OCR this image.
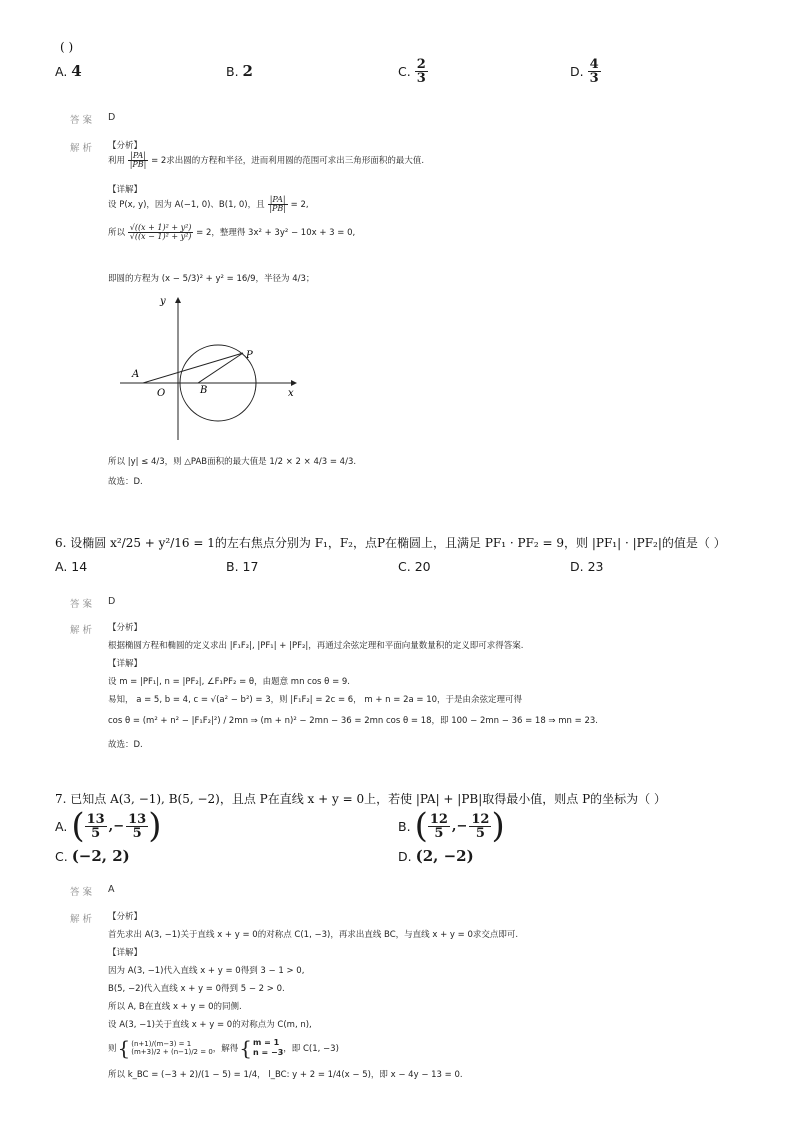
( )
A. 4	B. 2	C. $\frac{2}{3}$	D. $\frac{4}{3}$
答案 D
解析 【分析】
利用 $\frac{|PA|}{|PB|} = 2$求出圆的方程和半径，进而利用圆的范围可求出三角形面积的最大值.
【详解】
设 P(x, y)，因为 A(−1, 0)、B(1, 0)，且 $\frac{|PA|}{|PB|} = 2$,
所以 $\frac{\text{√((x + 1)² + y²)}}{\text{√((x − 1)² + y²)}} = 2$，整理得 3x² + 3y² − 10x + 3 = 0,
即圆的方程为 (x − 5/3)² + y² = 16/9，半径为 4/3；
y
x
O
A
B
P
所以 |y| ≤ 4/3，则 △PAB面积的最大值是 1/2 × 2 × 4/3 = 4/3.
故选：D.
6. 设椭圆 x²/25 + y²/16 = 1的左右焦点分别为 F₁，F₂，点P在椭圆上，且满足 PF₁ · PF₂ = 9，则 |PF₁| · |PF₂|的值是（ ）
A. 14	B. 17	C. 20	D. 23
答案 D
解析 【分析】
根据椭圆方程和椭圆的定义求出 |F₁F₂|, |PF₁| + |PF₂|，再通过余弦定理和平面向量数量积的定义即可求得答案.
【详解】
设 m = |PF₁|, n = |PF₂|, ∠F₁PF₂ = θ，由题意 mn cos θ = 9.
易知， a = 5, b = 4, c = √(a² − b²) = 3，则 |F₁F₂| = 2c = 6， m + n = 2a = 10，于是由余弦定理可得
cos θ = (m² + n² − |F₁F₂|²) / 2mn ⇒ (m + n)² − 2mn − 36 = 2mn cos θ = 18，即 100 − 2mn − 36 = 18 ⇒ mn = 23.
故选：D.
7. 已知点 A(3, −1), B(5, −2)，且点 P在直线 x + y = 0上，若使 |PA| + |PB|取得最小值，则点 P的坐标为（ ）
A. ( $\frac{13}{5}$ ,− $\frac{13}{5}$ )	B. ( $\frac{12}{5}$ ,− $\frac{12}{5}$ )
C. (−2, 2)	D. (2, −2)
答案 A
解析 【分析】
首先求出 A(3, −1)关于直线 x + y = 0的对称点 C(1, −3)，再求出直线 BC，与直线 x + y = 0求交点即可.
【详解】
因为 A(3, −1)代入直线 x + y = 0得到 3 − 1 > 0,
B(5, −2)代入直线 x + y = 0得到 5 − 2 > 0.
所以 A, B在直线 x + y = 0的同侧.
设 A(3, −1)关于直线 x + y = 0的对称点为 C(m, n),
则 { (n+1)/(m−3) = 1
(m+3)/2 + (n−1)/2 = 0 ，解得 { m = 1
n = −3 ，即 C(1, −3)
所以 k_BC = (−3 + 2)/(1 − 5) = 1/4， l_BC: y + 2 = 1/4(x − 5)，即 x − 4y − 13 = 0.
